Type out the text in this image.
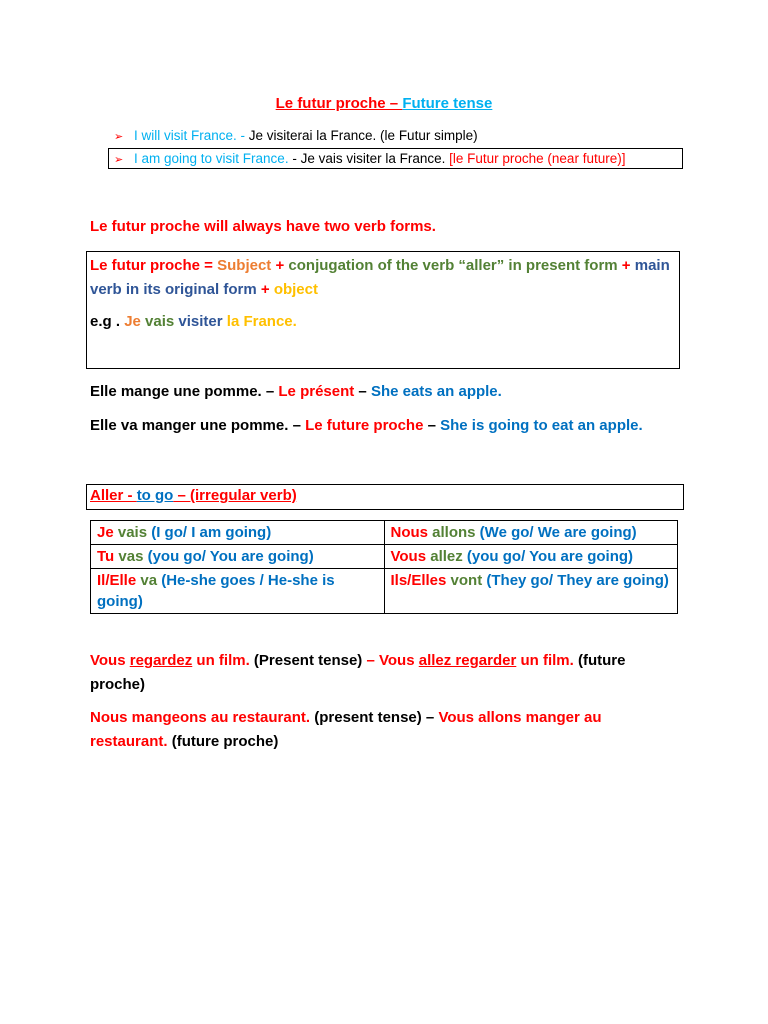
Le futur proche – Future tense
➢ I will visit France. - Je visiterai la France. (le Futur simple)
➢ I am going to visit France. - Je vais visiter la France. [le Futur proche (near future)]
Le futur proche will always have two verb forms.
Le futur proche = Subject + conjugation of the verb “aller” in present form + main verb in its original form + object
e.g . Je vais visiter la France.
Elle mange une pomme. – Le présent – She eats an apple.
Elle va manger une pomme. – Le future proche – She is going to eat an apple.
Aller - to go – (irregular verb)
Je vais (I go/ I am going)	Nous allons (We go/ We are going)
Tu vas (you go/ You are going)	Vous allez (you go/ You are going)
Il/Elle va (He-she goes / He-she is going)	Ils/Elles vont (They go/ They are going)
Vous regardez un film. (Present tense) – Vous allez regarder un film. (future proche)
Nous mangeons au restaurant. (present tense) – Vous allons manger au restaurant. (future proche)
